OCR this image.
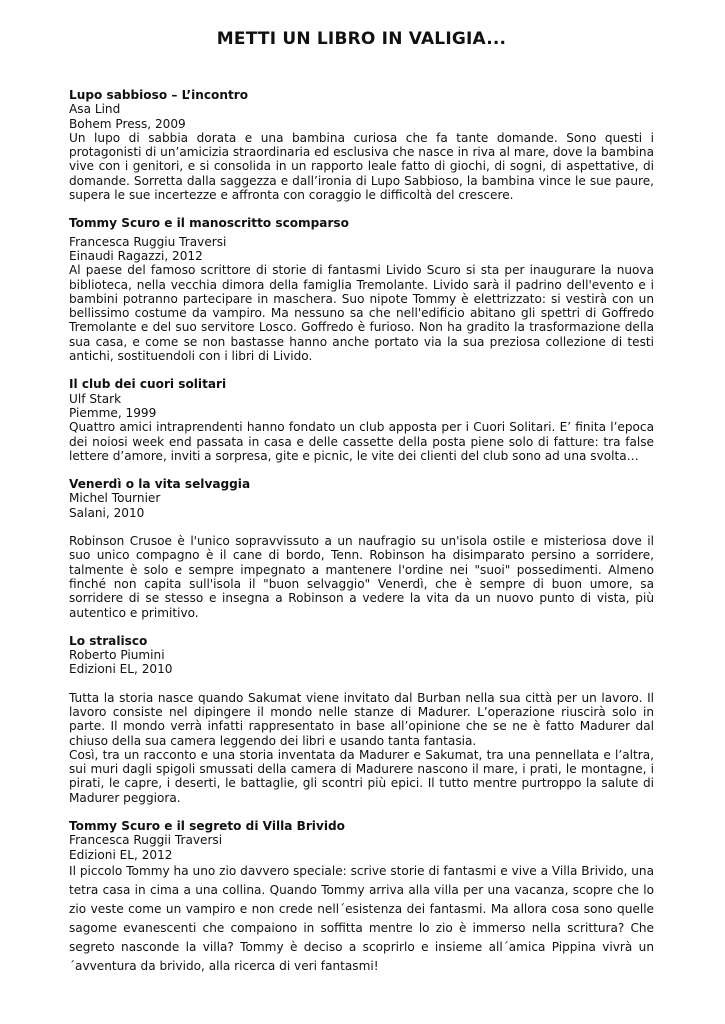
METTI UN LIBRO IN VALIGIA...
Lupo sabbioso – L’incontro
Asa Lind
Bohem Press, 2009

Un lupo di sabbia dorata e una bambina curiosa che fa tante domande. Sono questi i protagonisti di un’amicizia straordinaria ed esclusiva che nasce in riva al mare, dove la bambina vive con i genitori, e si consolida in un rapporto leale fatto di giochi, di sogni, di aspettative, di domande. Sorretta dalla saggezza e dall’ironia di Lupo Sabbioso, la bambina vince le sue paure, supera le sue incertezze e affronta con coraggio le difficoltà del crescere.

Tommy Scuro e il manoscritto scomparso
Francesca Ruggiu Traversi
Einaudi Ragazzi, 2012

Al paese del famoso scrittore di storie di fantasmi Livido Scuro si sta per inaugurare la nuova biblioteca, nella vecchia dimora della famiglia Tremolante. Livido sarà il padrino dell'evento e i bambini potranno partecipare in maschera. Suo nipote Tommy è elettrizzato: si vestirà con un bellissimo costume da vampiro. Ma nessuno sa che nell'edificio abitano gli spettri di Goffredo Tremolante e del suo servitore Losco. Goffredo è furioso. Non ha gradito la trasformazione della sua casa, e come se non bastasse hanno anche portato via la sua preziosa collezione di testi antichi, sostituendoli con i libri di Livido.

Il club dei cuori solitari
Ulf Stark
Piemme, 1999

Quattro amici intraprendenti hanno fondato un club apposta per i Cuori Solitari. E’ finita l’epoca dei noiosi week end passata in casa e delle cassette della posta piene solo di fatture: tra false lettere d’amore, inviti a sorpresa, gite e picnic, le vite dei clienti del club sono ad una svolta…

Venerdì o la vita selvaggia
Michel Tournier
Salani, 2010

Robinson Crusoe è l'unico sopravvissuto a un naufragio su un'isola ostile e misteriosa dove il suo unico compagno è il cane di bordo, Tenn. Robinson ha disimparato persino a sorridere, talmente è solo e sempre impegnato a mantenere l'ordine nei "suoi" possedimenti. Almeno finché non capita sull'isola il "buon selvaggio" Venerdì, che è sempre di buon umore, sa sorridere di se stesso e insegna a Robinson a vedere la vita da un nuovo punto di vista, più autentico e primitivo.

Lo stralisco
Roberto Piumini
Edizioni EL, 2010

Tutta la storia nasce quando Sakumat viene invitato dal Burban nella sua città per un lavoro. Il lavoro consiste nel dipingere il mondo nelle stanze di Madurer. L’operazione riuscirà solo in parte. Il mondo verrà infatti rappresentato in base all’opinione che se ne è fatto Madurer dal chiuso della sua camera leggendo dei libri e usando tanta fantasia.

Così, tra un racconto e una storia inventata da Madurer e Sakumat, tra una pennellata e l’altra, sui muri dagli spigoli smussati della camera di Madurere nascono il mare, i prati, le montagne, i pirati, le capre, i deserti, le battaglie, gli scontri più epici. Il tutto mentre purtroppo la salute di Madurer peggiora.

Tommy Scuro e il segreto di Villa Brivido
Francesca Ruggii Traversi
Edizioni EL, 2012

Il piccolo Tommy ha uno zio davvero speciale: scrive storie di fantasmi e vive a Villa Brivido, una tetra casa in cima a una collina. Quando Tommy arriva alla villa per una vacanza, scopre che lo zio veste come un vampiro e non crede nell´esistenza dei fantasmi. Ma allora cosa sono quelle sagome evanescenti che compaiono in soffitta mentre lo zio è immerso nella scrittura? Che segreto nasconde la villa? Tommy è deciso a scoprirlo e insieme all´amica Pippina vivrà un´avventura da brivido, alla ricerca di veri fantasmi!
